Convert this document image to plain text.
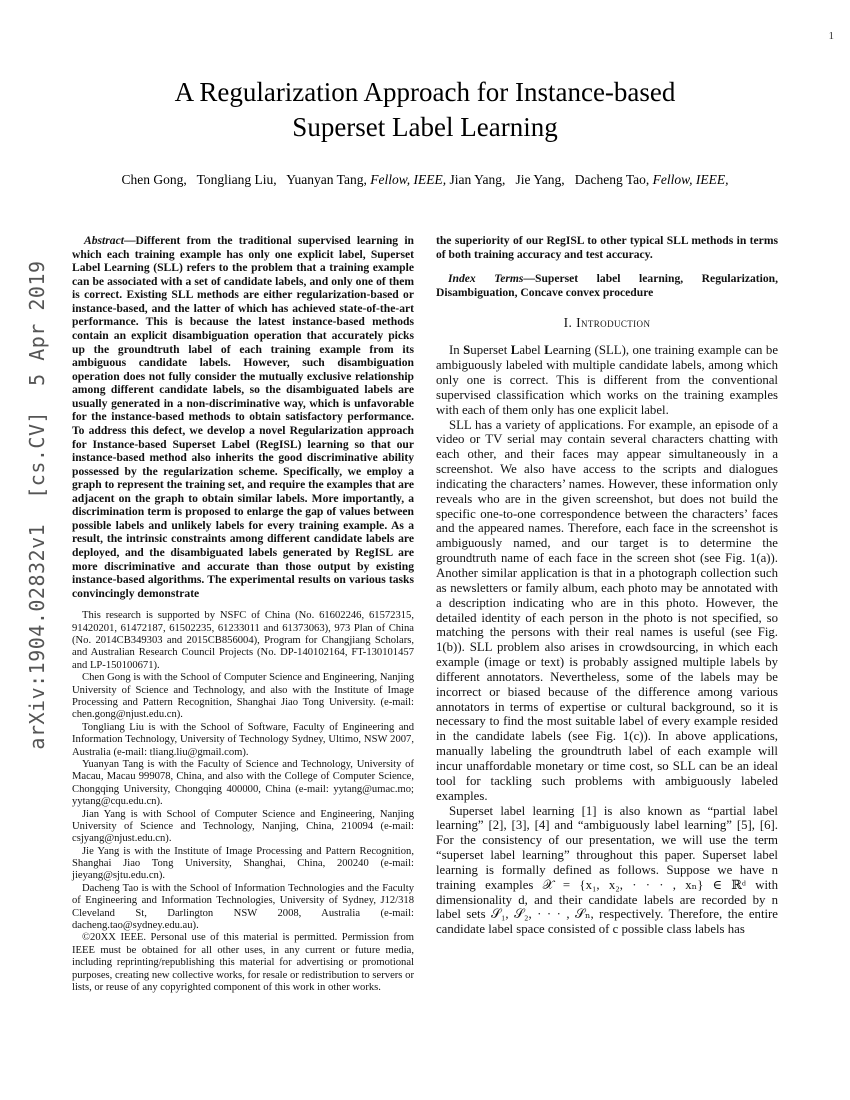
1
arXiv:1904.02832v1  [cs.CV]  5 Apr 2019
A Regularization Approach for Instance-based
Superset Label Learning
Chen Gong,   Tongliang Liu,   Yuanyan Tang, Fellow, IEEE, Jian Yang,   Jie Yang,   Dacheng Tao, Fellow, IEEE,

Abstract—Different from the traditional supervised learning in which each training example has only one explicit label, Superset Label Learning (SLL) refers to the problem that a training example can be associated with a set of candidate labels, and only one of them is correct. Existing SLL methods are either regularization-based or instance-based, and the latter of which has achieved state-of-the-art performance. This is because the latest instance-based methods contain an explicit disambiguation operation that accurately picks up the groundtruth label of each training example from its ambiguous candidate labels. However, such disambiguation operation does not fully consider the mutually exclusive relationship among different candidate labels, so the disambiguated labels are usually generated in a non-discriminative way, which is unfavorable for the instance-based methods to obtain satisfactory performance. To address this defect, we develop a novel Regularization approach for Instance-based Superset Label (RegISL) learning so that our instance-based method also inherits the good discriminative ability possessed by the regularization scheme. Specifically, we employ a graph to represent the training set, and require the examples that are adjacent on the graph to obtain similar labels. More importantly, a discrimination term is proposed to enlarge the gap of values between possible labels and unlikely labels for every training example. As a result, the intrinsic constraints among different candidate labels are deployed, and the disambiguated labels generated by RegISL are more discriminative and accurate than those output by existing instance-based algorithms. The experimental results on various tasks convincingly demonstrate

This research is supported by NSFC of China (No. 61602246, 61572315, 91420201, 61472187, 61502235, 61233011 and 61373063), 973 Plan of China (No. 2014CB349303 and 2015CB856004), Program for Changjiang Scholars, and Australian Research Council Projects (No. DP-140102164, FT-130101457 and LP-150100671).

Chen Gong is with the School of Computer Science and Engineering, Nanjing University of Science and Technology, and also with the Institute of Image Processing and Pattern Recognition, Shanghai Jiao Tong University. (e-mail: chen.gong@njust.edu.cn).

Tongliang Liu is with the School of Software, Faculty of Engineering and Information Technology, University of Technology Sydney, Ultimo, NSW 2007, Australia (e-mail: tliang.liu@gmail.com).

Yuanyan Tang is with the Faculty of Science and Technology, University of Macau, Macau 999078, China, and also with the College of Computer Science, Chongqing University, Chongqing 400000, China (e-mail: yytang@umac.mo; yytang@cqu.edu.cn).

Jian Yang is with School of Computer Science and Engineering, Nanjing University of Science and Technology, Nanjing, China, 210094 (e-mail: csjyang@njust.edu.cn).

Jie Yang is with the Institute of Image Processing and Pattern Recognition, Shanghai Jiao Tong University, Shanghai, China, 200240 (e-mail: jieyang@sjtu.edu.cn).

Dacheng Tao is with the School of Information Technologies and the Faculty of Engineering and Information Technologies, University of Sydney, J12/318 Cleveland St, Darlington NSW 2008, Australia (e-mail: dacheng.tao@sydney.edu.au).

©20XX IEEE. Personal use of this material is permitted. Permission from IEEE must be obtained for all other uses, in any current or future media, including reprinting/republishing this material for advertising or promotional purposes, creating new collective works, for resale or redistribution to servers or lists, or reuse of any copyrighted component of this work in other works.

the superiority of our RegISL to other typical SLL methods in terms of both training accuracy and test accuracy.

Index Terms—Superset label learning, Regularization, Disambiguation, Concave convex procedure

I. Introduction

In Superset Label Learning (SLL), one training example can be ambiguously labeled with multiple candidate labels, among which only one is correct. This is different from the conventional supervised classification which works on the training examples with each of them only has one explicit label.

SLL has a variety of applications. For example, an episode of a video or TV serial may contain several characters chatting with each other, and their faces may appear simultaneously in a screenshot. We also have access to the scripts and dialogues indicating the characters’ names. However, these information only reveals who are in the given screenshot, but does not build the specific one-to-one correspondence between the characters’ faces and the appeared names. Therefore, each face in the screenshot is ambiguously named, and our target is to determine the groundtruth name of each face in the screen shot (see Fig. 1(a)). Another similar application is that in a photograph collection such as newsletters or family album, each photo may be annotated with a description indicating who are in this photo. However, the detailed identity of each person in the photo is not specified, so matching the persons with their real names is useful (see Fig. 1(b)). SLL problem also arises in crowdsourcing, in which each example (image or text) is probably assigned multiple labels by different annotators. Nevertheless, some of the labels may be incorrect or biased because of the difference among various annotators in terms of expertise or cultural background, so it is necessary to find the most suitable label of every example resided in the candidate labels (see Fig. 1(c)). In above applications, manually labeling the groundtruth label of each example will incur unaffordable monetary or time cost, so SLL can be an ideal tool for tackling such problems with ambiguously labeled examples.

Superset label learning [1] is also known as “partial label learning” [2], [3], [4] and “ambiguously label learning” [5], [6]. For the consistency of our presentation, we will use the term “superset label learning” throughout this paper. Superset label learning is formally defined as follows. Suppose we have n training examples 𝒳 = {x₁, x₂, · · · , xₙ} ∈ ℝᵈ with dimensionality d, and their candidate labels are recorded by n label sets 𝒮₁, 𝒮₂, · · · , 𝒮ₙ, respectively. Therefore, the entire candidate label space consisted of c possible class labels has
